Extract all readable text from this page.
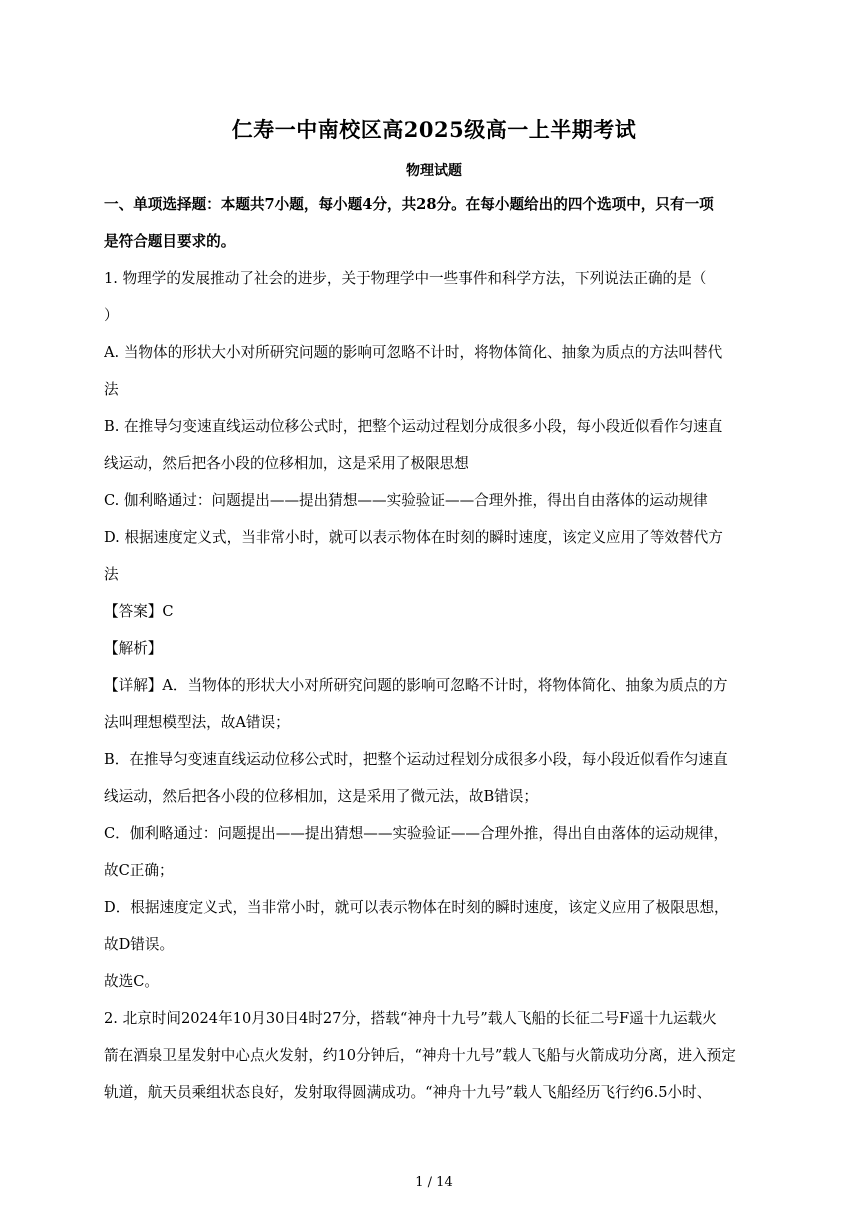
仁寿一中南校区高2025级高一上半期考试
物理试题
一、单项选择题：本题共7小题，每小题4分，共28分。在每小题给出的四个选项中，只有一项
是符合题目要求的。
1. 物理学的发展推动了社会的进步，关于物理学中一些事件和科学方法，下列说法正确的是（
）
A. 当物体的形状大小对所研究问题的影响可忽略不计时，将物体简化、抽象为质点的方法叫替代
法
B. 在推导匀变速直线运动位移公式时，把整个运动过程划分成很多小段，每小段近似看作匀速直
线运动，然后把各小段的位移相加，这是采用了极限思想
C. 伽利略通过：问题提出——提出猜想——实验验证——合理外推，得出自由落体的运动规律
D. 根据速度定义式，当非常小时，就可以表示物体在时刻的瞬时速度，该定义应用了等效替代方
法
【答案】C
【解析】
【详解】A．当物体的形状大小对所研究问题的影响可忽略不计时，将物体简化、抽象为质点的方
法叫理想模型法，故A错误；
B．在推导匀变速直线运动位移公式时，把整个运动过程划分成很多小段，每小段近似看作匀速直
线运动，然后把各小段的位移相加，这是采用了微元法，故B错误；
C．伽利略通过：问题提出——提出猜想——实验验证——合理外推，得出自由落体的运动规律，
故C正确；
D．根据速度定义式，当非常小时，就可以表示物体在时刻的瞬时速度，该定义应用了极限思想，
故D错误。
故选C。
2. 北京时间2024年10月30日4时27分，搭载“神舟十九号”载人飞船的长征二号F遥十九运载火
箭在酒泉卫星发射中心点火发射，约10分钟后，“神舟十九号”载人飞船与火箭成功分离，进入预定
轨道，航天员乘组状态良好，发射取得圆满成功。“神舟十九号”载人飞船经历飞行约6.5小时、
1 / 14
